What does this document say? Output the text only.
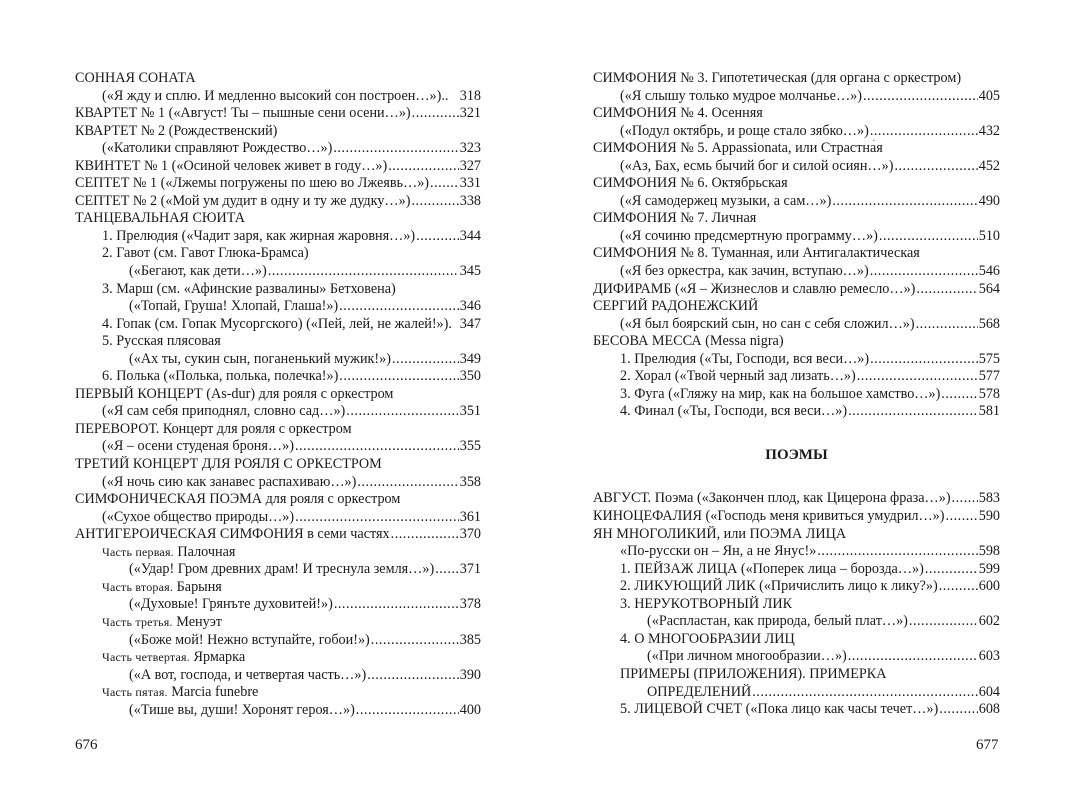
СОННАЯ СОНАТА
(«Я жду и сплю. И медленно высокий сон построен…»).. 318
КВАРТЕТ № 1 («Август! Ты – пышные сени осени…») .....	321
КВАРТЕТ № 2 (Рождественский)
(«Католики справляют Рождество…») .....	323
КВИНТЕТ № 1 («Осиной человек живет в году…») .....	327
СЕПТЕТ № 1 («Лжемы погружены по шею во Лжеявь…») ..... 331
СЕПТЕТ № 2 («Мой ум дудит в одну и ту же дудку…») .....	338
ТАНЦЕВАЛЬНАЯ СЮИТА
1. Прелюдия («Чадит заря, как жирная жаровня…») .....	344
2. Гавот (см. Гавот Глюка-Брамса)
(«Бегают, как дети…») .....	345
3. Марш (см. «Афинские развалины» Бетховена)
(«Топай, Груша! Хлопай, Глаша!») .....	346
4. Гопак (см. Гопак Мусоргского) («Пей, лей, не жалей!»). 347
5. Русская плясовая
(«Ах ты, сукин сын, поганенький мужик!») .....	349
6. Полька («Полька, полька, полечка!») .....	350
ПЕРВЫЙ КОНЦЕРТ (As-dur) для рояля с оркестром
(«Я сам себя приподнял, словно сад…») .....	351
ПЕРЕВОРОТ. Концерт для рояля с оркестром
(«Я – осени студеная броня…») .....	355
ТРЕТИЙ КОНЦЕРТ ДЛЯ РОЯЛЯ С ОРКЕСТРОМ
(«Я ночь сию как занавес распахиваю…») .....	358
СИМФОНИЧЕСКАЯ ПОЭМА для рояля с оркестром
(«Сухое общество природы…») .....	361
АНТИГЕРОИЧЕСКАЯ СИМФОНИЯ в семи частях .....	370
Часть первая. Палочная
(«Удар! Гром древних драм! И треснула земля…») ..... 371
Часть вторая. Барыня
(«Духовые! Грянъте духовитей!») .....	378
Часть третья. Менуэт
(«Боже мой! Нежно вступайте, гобои!») .....	385
Часть четвертая. Ярмарка
(«А вот, господа, и четвертая часть…») .....	390
Часть пятая. Marcia funebre
(«Тише вы, души! Хоронят героя…») .....	400
676
СИМФОНИЯ № 3. Гипотетическая (для органа с оркестром)
(«Я слышу только мудрое молчанье…») .....	405
СИМФОНИЯ № 4. Осенняя
(«Подул октябрь, и роще стало зябко…») .....	432
СИМФОНИЯ № 5. Appassionata, или Страстна́я
(«Аз, Бах, есмь бычий бог и силой осиян…») .....	452
СИМФОНИЯ № 6. Октябрьская
(«Я самодержец музыки, а сам…») .....	490
СИМФОНИЯ № 7. Личная
(«Я сочиню предсмертную программу…») .....	510
СИМФОНИЯ № 8. Туманная, или Антигалактическая
(«Я без оркестра, как зачин, вступаю…») .....	546
ДИФИРАМБ («Я – Жизнеслов и славлю ремесло…») .....	564
СЕРГИЙ РАДОНЕЖСКИЙ
(«Я был боярский сын, но сан с себя сложил…») .....	568
БЕСОВА МЕССА (Messa nigra)
1. Прелюдия («Ты, Господи, вся веси…») .....	575
2. Хорал («Твой черный зад лизать…») .....	577
3. Фуга («Гляжу на мир, как на большое хамство…») .....	578
4. Финал («Ты, Господи, вся веси…») .....	581
ПОЭМЫ
АВГУСТ. Поэма («Закончен плод, как Цицерона фраза…») ..... 583
КИНОЦЕФАЛИЯ («Господь меня кривиться умудрил…») ..... 590
ЯН МНОГОЛИКИЙ, или ПОЭМА ЛИЦА
«По-русски он – Ян, а не Янус!» .....	598
1. ПЕЙЗАЖ ЛИЦА («Поперек лица – борозда…») .....	599
2. ЛИКУЮЩИЙ ЛИК («Причислить лицо к лику?») .....	600
3. НЕРУКОТВОРНЫЙ ЛИК
(«Распластан, как природа, белый плат…») .....	602
4. О МНОГООБРАЗИИ ЛИЦ
(«При личном многообразии…») .....	603
ПРИМЕРЫ (ПРИЛОЖЕНИЯ). ПРИМЕРКА
ОПРЕДЕЛЕНИЙ .....	604
5. ЛИЦЕВОЙ СЧЕТ («Пока лицо как часы течет…») .....	608
677
